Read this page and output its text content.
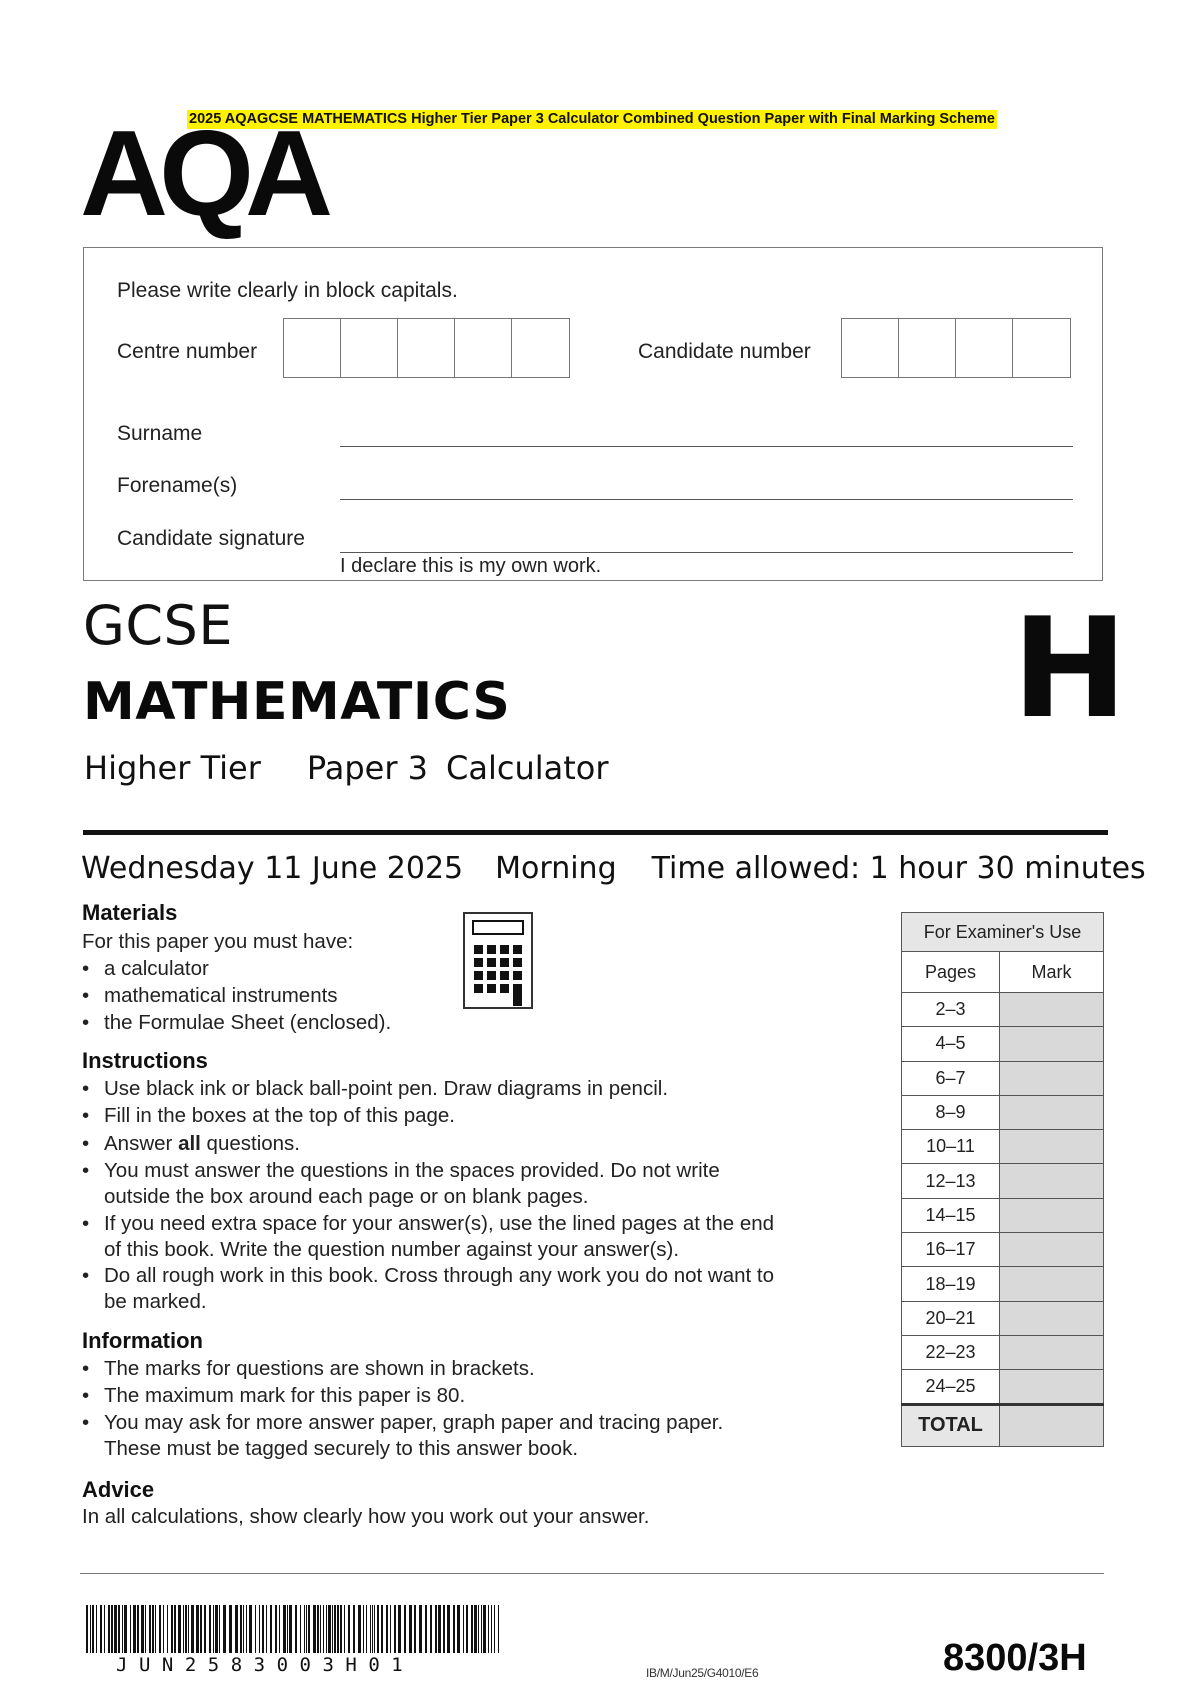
2025 AQAGCSE MATHEMATICS Higher Tier Paper 3 Calculator Combined Question Paper with Final Marking Scheme
AQA
Please write clearly in block capitals.
Centre number	Candidate number
Surname
Forename(s)
Candidate signature
I declare this is my own work.
GCSE
MATHEMATICS
Higher Tier Paper 3 Calculator
H
Wednesday 11 June 2025 Morning Time allowed: 1 hour 30 minutes
Materials
For this paper you must have:
• a calculator
• mathematical instruments
• the Formulae Sheet (enclosed).
Instructions
• Use black ink or black ball-point pen. Draw diagrams in pencil.
• Fill in the boxes at the top of this page.
• Answer all questions.
• You must answer the questions in the spaces provided. Do not write
outside the box around each page or on blank pages.
• If you need extra space for your answer(s), use the lined pages at the end
of this book. Write the question number against your answer(s).
• Do all rough work in this book. Cross through any work you do not want to
be marked.
Information
• The marks for questions are shown in brackets.
• The maximum mark for this paper is 80.
• You may ask for more answer paper, graph paper and tracing paper.
These must be tagged securely to this answer book.
Advice
In all calculations, show clearly how you work out your answer.
For Examiner's Use	
Pages	Mark
2–3	
4–5	
6–7	
8–9	
10–11	
12–13	
14–15	
16–17	
18–19	
20–21	
22–23	
24–25	
TOTAL	
JUN2583003H01	IB/M/Jun25/G4010/E6	8300/3H
